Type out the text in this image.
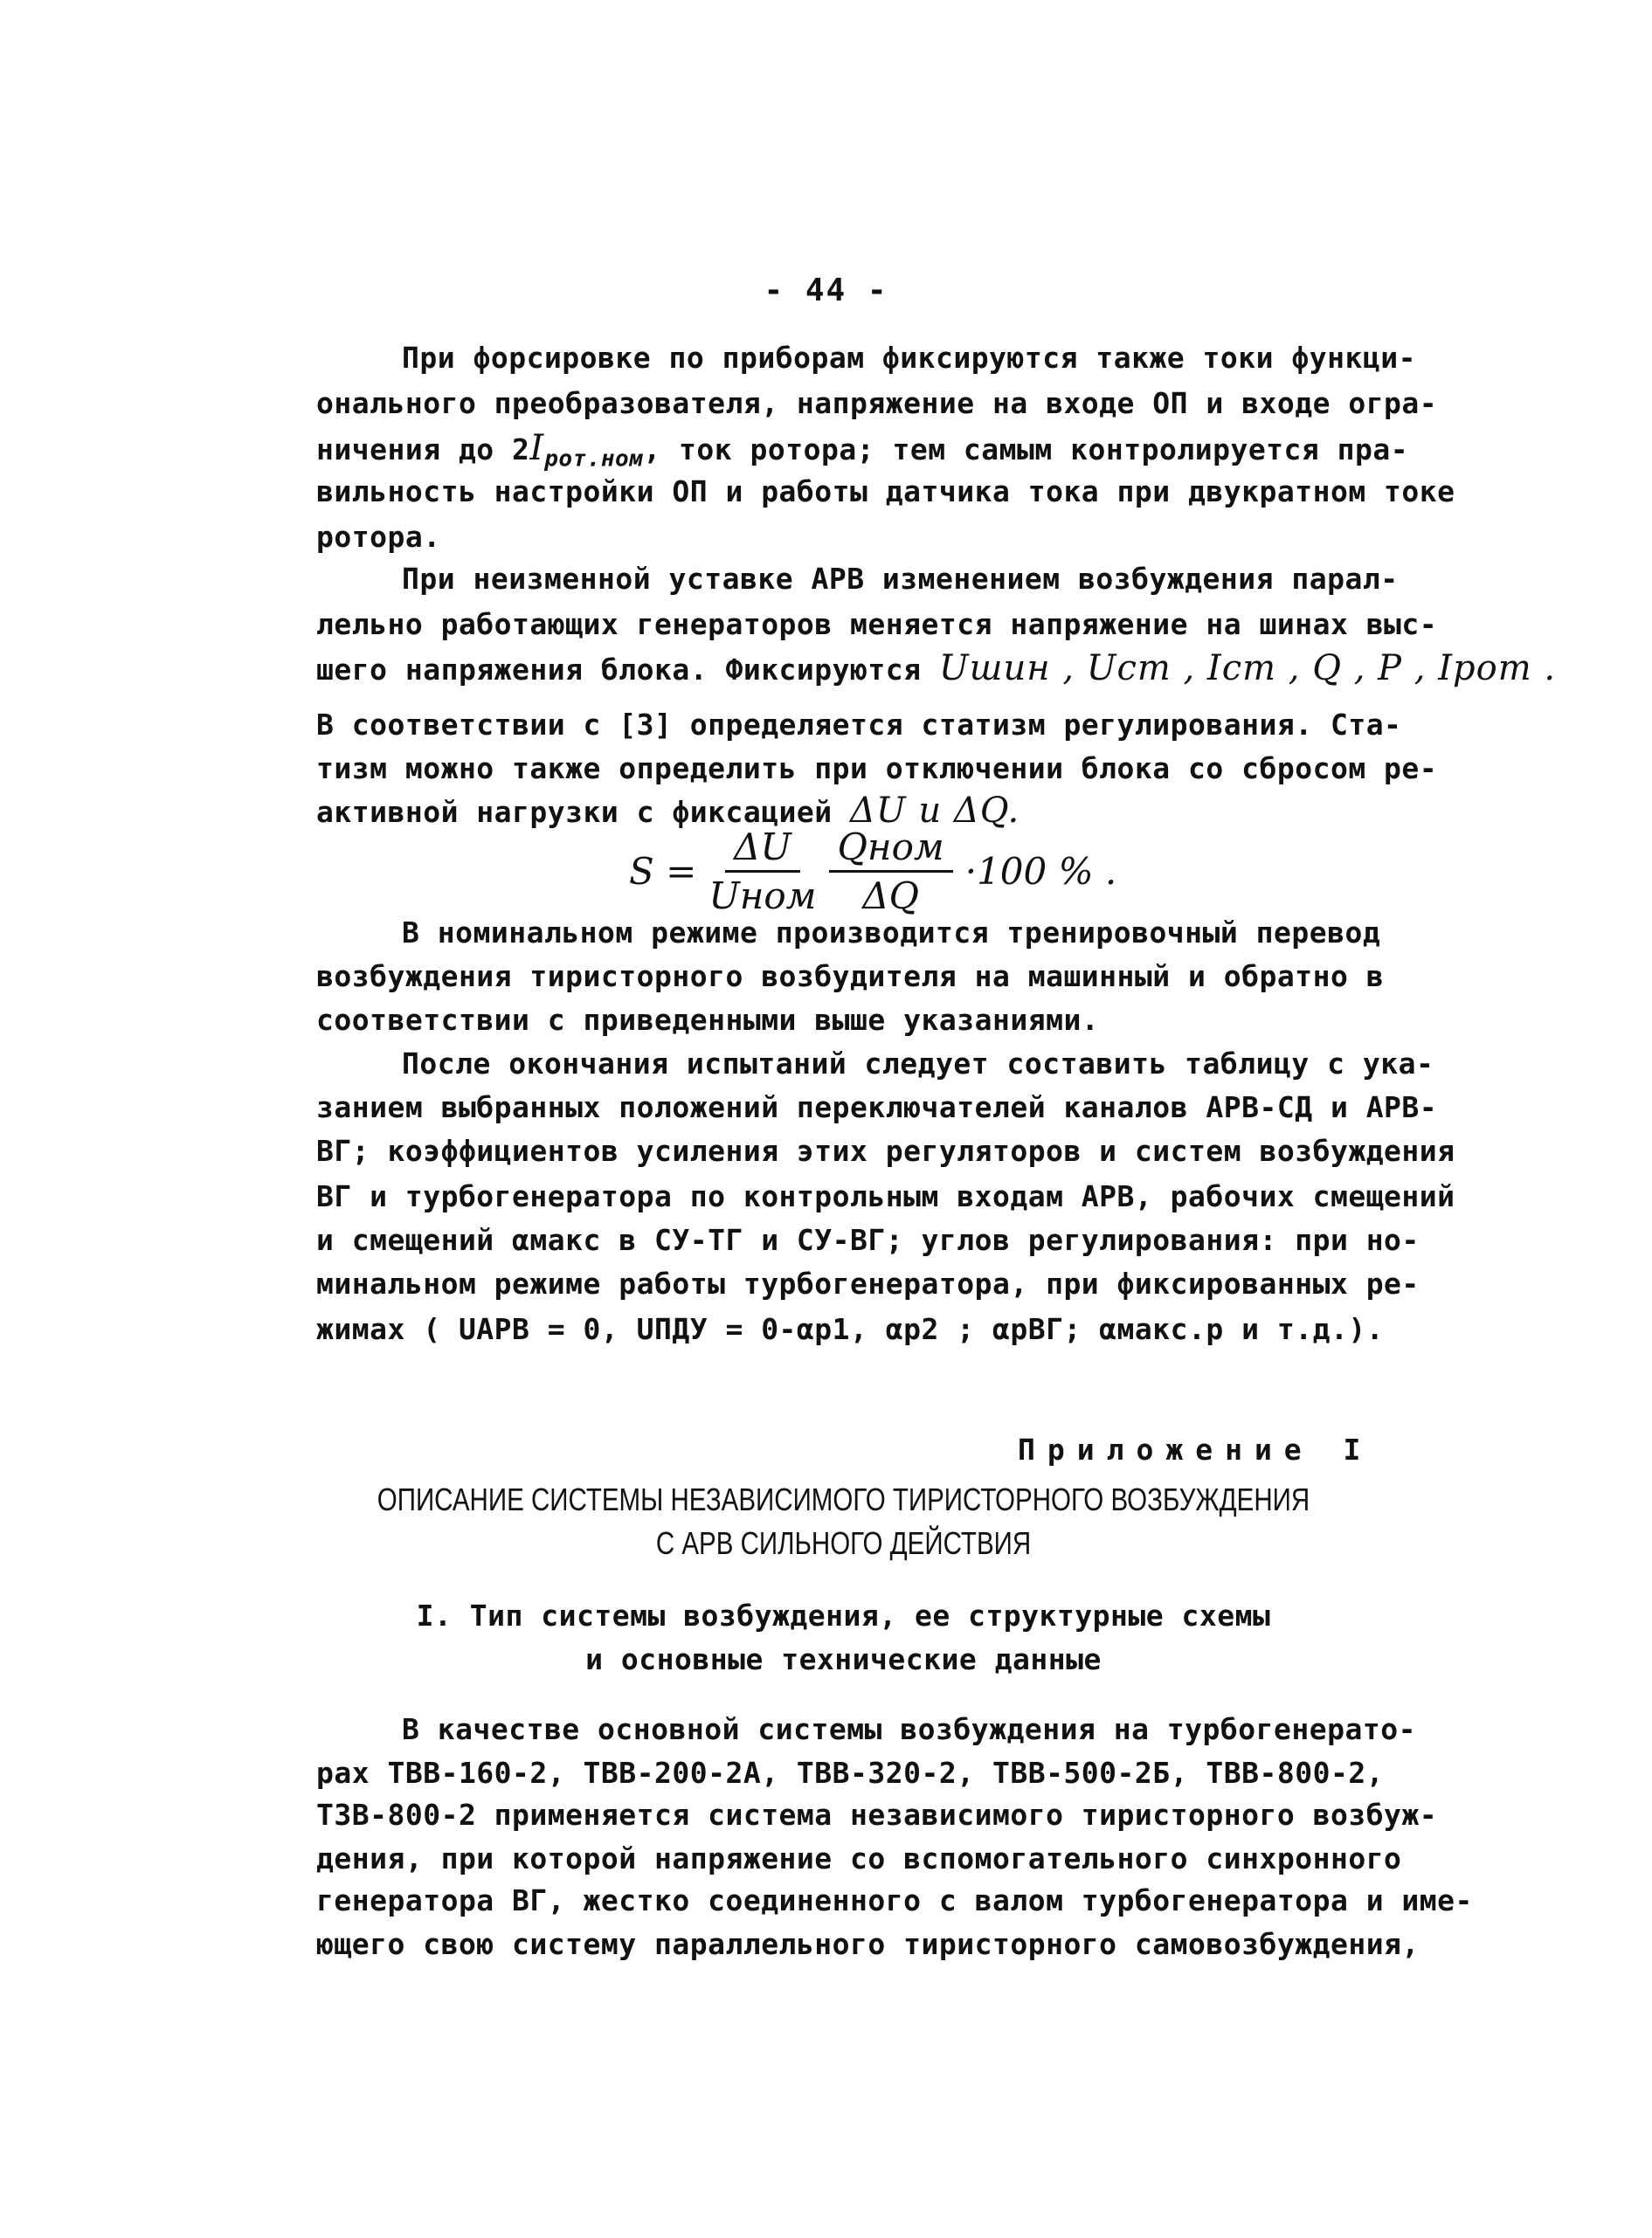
- 44 -
При форсировке по приборам фиксируются также токи функци-
онального преобразователя, напряжение на входе ОП и входе огра-
ничения до $2I_{рот.ном}$, ток ротора; тем самым контролируется пра-
вильность настройки ОП и работы датчика тока при двукратном токе
ротора.
При неизменной уставке АРВ изменением возбуждения парал-
лельно работающих генераторов меняется напряжение на шинах выс-
шего напряжения блока. Фиксируются Uшин , Uст , Iст , Q , P , Iрот .
В соответствии с [3] определяется статизм регулирования. Ста-
тизм можно также определить при отключении блока со сбросом ре-
активной нагрузки с фиксацией ΔU и ΔQ.
$S = \frac{\Delta U}{\text{Uном}} \frac{\text{Qном}}{\Delta Q} \cdot 100$ % .
В номинальном режиме производится тренировочный перевод
возбуждения тиристорного возбудителя на машинный и обратно в
соответствии с приведенными выше указаниями.
После окончания испытаний следует составить таблицу с ука-
занием выбранных положений переключателей каналов АРВ-СД и АРВ-
ВГ; коэффициентов усиления этих регуляторов и систем возбуждения
ВГ и турбогенератора по контрольным входам АРВ, рабочих смещений
и смещений αмакс в СУ-ТГ и СУ-ВГ; углов регулирования: при но-
минальном режиме работы турбогенератора, при фиксированных ре-
жимах ( UАРВ = 0, UПДУ = 0-αр1, αр2 ; αрВГ; αмакс.р и т.д.).
Приложение I
ОПИСАНИЕ СИСТЕМЫ НЕЗАВИСИМОГО ТИРИСТОРНОГО ВОЗБУЖДЕНИЯ
С АРВ СИЛЬНОГО ДЕЙСТВИЯ
I. Тип системы возбуждения, ее структурные схемы
и основные технические данные
В качестве основной системы возбуждения на турбогенерато-
рах ТВВ-160-2, ТВВ-200-2А, ТВВ-320-2, ТВВ-500-2Б, ТВВ-800-2,
ТЗВ-800-2 применяется система независимого тиристорного возбуж-
дения, при которой напряжение со вспомогательного синхронного
генератора ВГ, жестко соединенного с валом турбогенератора и име-
ющего свою систему параллельного тиристорного самовозбуждения,
